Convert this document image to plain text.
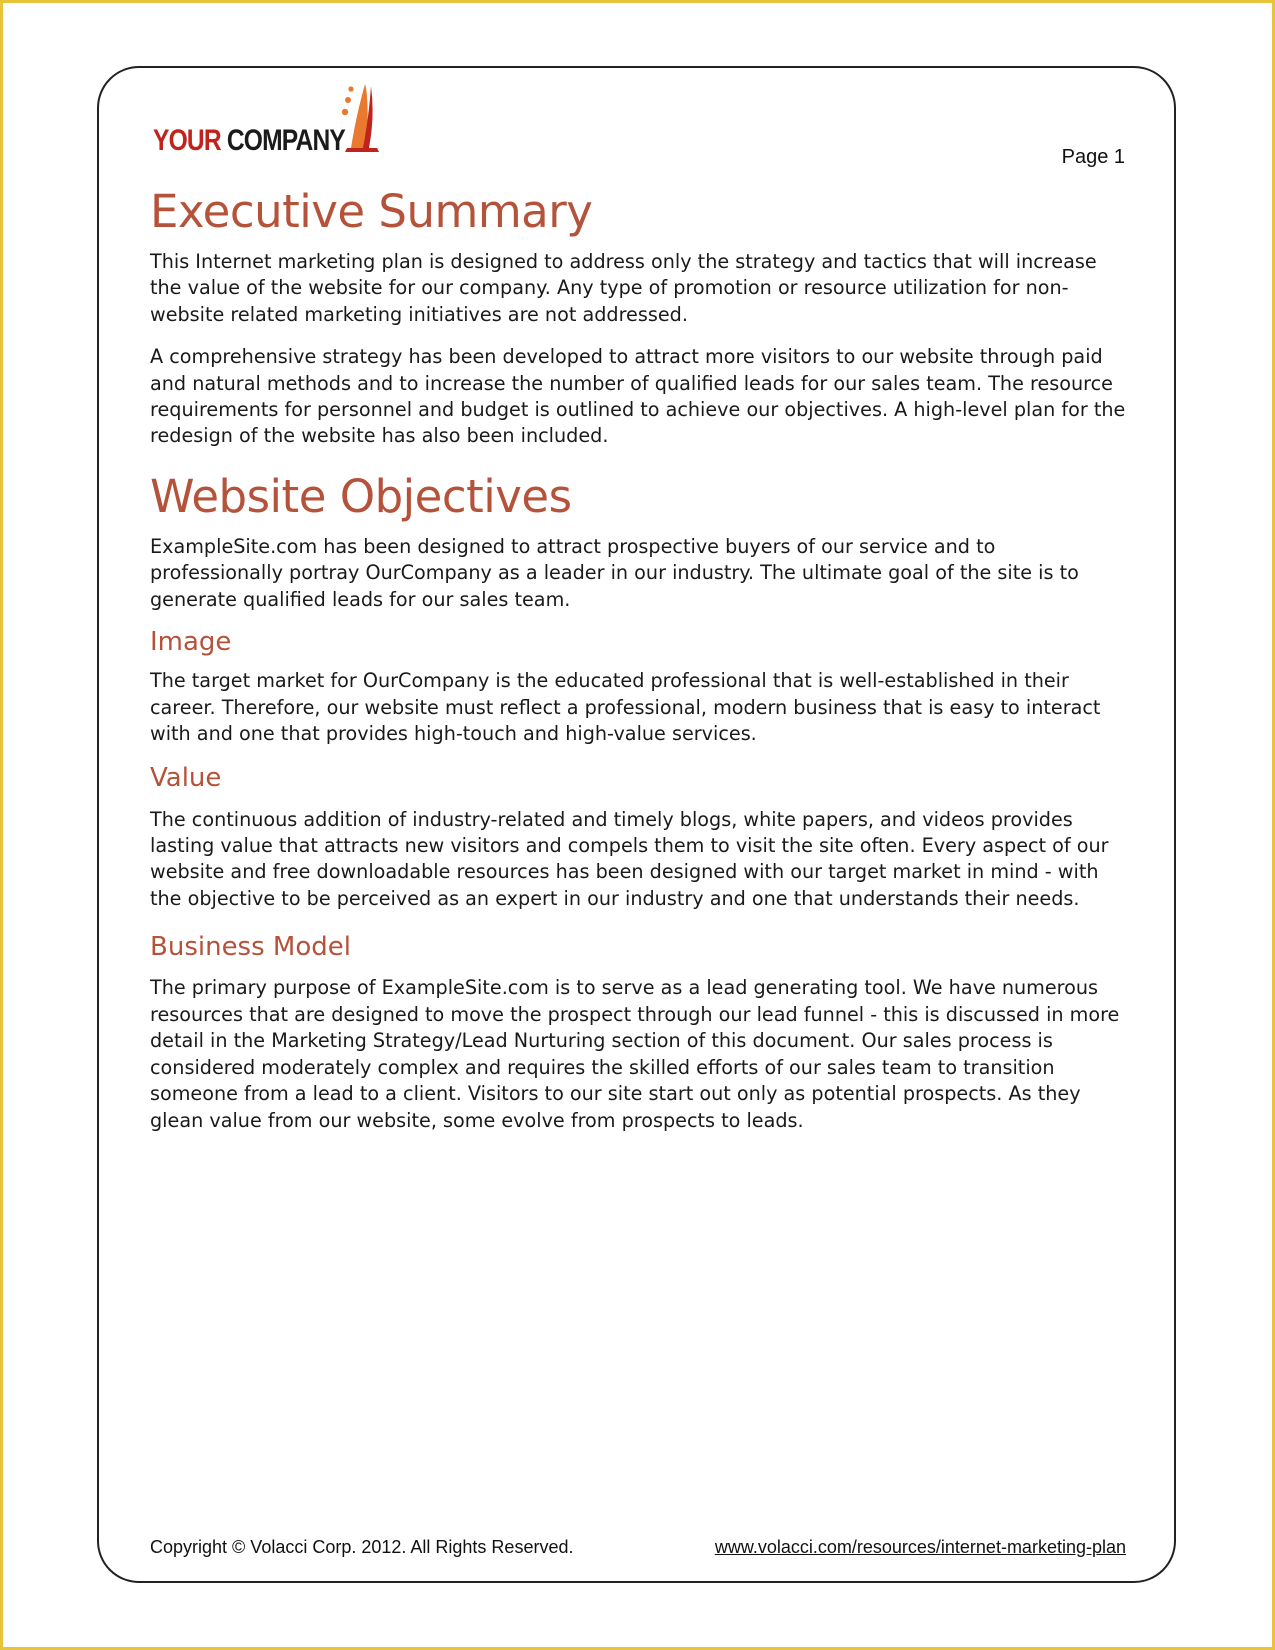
YOUR COMPANY	Page 1
Executive Summary

This Internet marketing plan is designed to address only the strategy and tactics that will increase the value of the website for our company. Any type of promotion or resource utilization for non-website related marketing initiatives are not addressed.

A comprehensive strategy has been developed to attract more visitors to our website through paid and natural methods and to increase the number of qualified leads for our sales team. The resource requirements for personnel and budget is outlined to achieve our objectives. A high-level plan for the redesign of the website has also been included.

Website Objectives

ExampleSite.com has been designed to attract prospective buyers of our service and to professionally portray OurCompany as a leader in our industry. The ultimate goal of the site is to generate qualified leads for our sales team.

Image

The target market for OurCompany is the educated professional that is well-established in their career. Therefore, our website must reflect a professional, modern business that is easy to interact with and one that provides high-touch and high-value services.

Value

The continuous addition of industry-related and timely blogs, white papers, and videos provides lasting value that attracts new visitors and compels them to visit the site often. Every aspect of our website and free downloadable resources has been designed with our target market in mind - with the objective to be perceived as an expert in our industry and one that understands their needs.

Business Model

The primary purpose of ExampleSite.com is to serve as a lead generating tool. We have numerous resources that are designed to move the prospect through our lead funnel - this is discussed in more detail in the Marketing Strategy/Lead Nurturing section of this document. Our sales process is considered moderately complex and requires the skilled efforts of our sales team to transition someone from a lead to a client. Visitors to our site start out only as potential prospects. As they glean value from our website, some evolve from prospects to leads.

Copyright © Volacci Corp. 2012. All Rights Reserved.	www.volacci.com/resources/internet-marketing-plan
